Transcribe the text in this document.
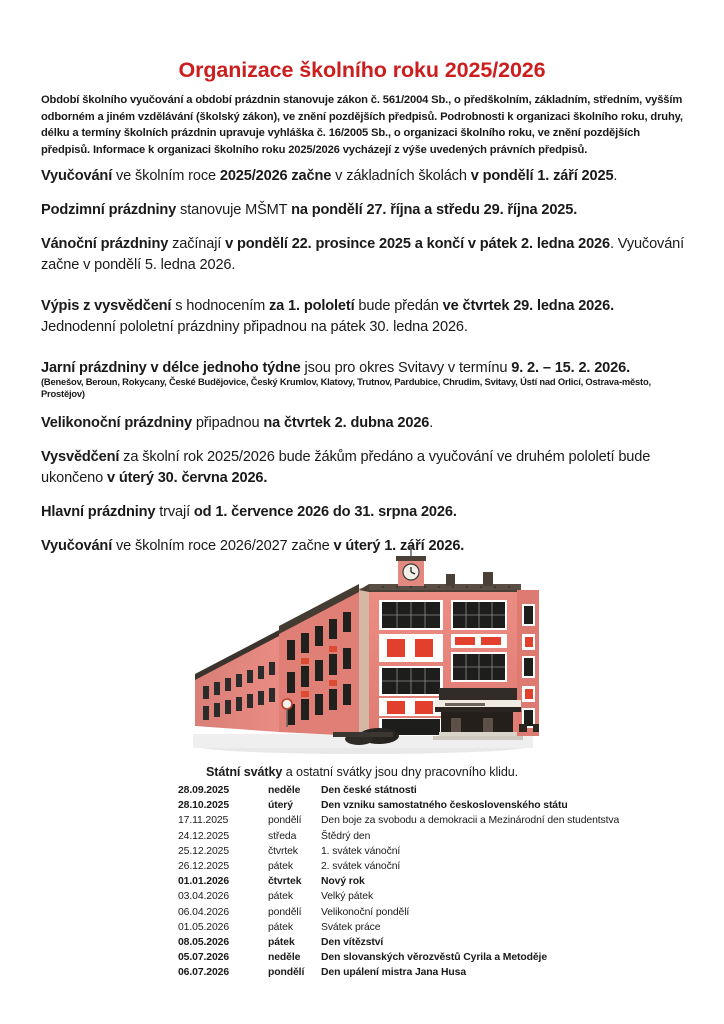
Organizace školního roku 2025/2026
Období školního vyučování a období prázdnin stanovuje zákon č. 561/2004 Sb., o předškolním, základním, středním, vyšším odborném a jiném vzdělávání (školský zákon), ve znění pozdějších předpisů. Podrobnosti k organizaci školního roku, druhy, délku a termíny školních prázdnin upravuje vyhláška č. 16/2005 Sb., o organizaci školního roku, ve znění pozdějších předpisů. Informace k organizaci školního roku 2025/2026 vycházejí z výše uvedených právních předpisů.

Vyučování ve školním roce 2025/2026 začne v základních školách v pondělí 1. září 2025.

Podzimní prázdniny stanovuje MŠMT na pondělí 27. října a středu 29. října 2025.

Vánoční prázdniny začínají v pondělí 22. prosince 2025 a končí v pátek 2. ledna 2026. Vyučování začne v pondělí 5. ledna 2026.

Výpis z vysvědčení s hodnocením za 1. pololetí bude předán ve čtvrtek 29. ledna 2026. Jednodenní pololetní prázdniny připadnou na pátek 30. ledna 2026.

Jarní prázdniny v délce jednoho týdne jsou pro okres Svitavy v termínu 9. 2. – 15. 2. 2026.

(Benešov, Beroun, Rokycany, České Budějovice, Český Krumlov, Klatovy, Trutnov, Pardubice, Chrudim, Svitavy, Ústí nad Orlicí, Ostrava-město, Prostějov)

Velikonoční prázdniny připadnou na čtvrtek 2. dubna 2026.

Vysvědčení za školní rok 2025/2026 bude žákům předáno a vyučování ve druhém pololetí bude ukončeno v úterý 30. června 2026.

Hlavní prázdniny trvají od 1. července 2026 do 31. srpna 2026.

Vyučování ve školním roce 2026/2027 začne v úterý 1. září 2026.

Státní svátky a ostatní svátky jsou dny pracovního klidu.
28.09.2025	neděle	Den české státnosti
28.10.2025	úterý	Den vzniku samostatného československého státu
17.11.2025	pondělí	Den boje za svobodu a demokracii a Mezinárodní den studentstva
24.12.2025	středa	Štědrý den
25.12.2025	čtvrtek	1. svátek vánoční
26.12.2025	pátek	2. svátek vánoční
01.01.2026	čtvrtek	Nový rok
03.04.2026	pátek	Velký pátek
06.04.2026	pondělí	Velikonoční pondělí
01.05.2026	pátek	Svátek práce
08.05.2026	pátek	Den vítězství
05.07.2026	neděle	Den slovanských věrozvěstů Cyrila a Metoděje
06.07.2026	pondělí	Den upálení mistra Jana Husa
